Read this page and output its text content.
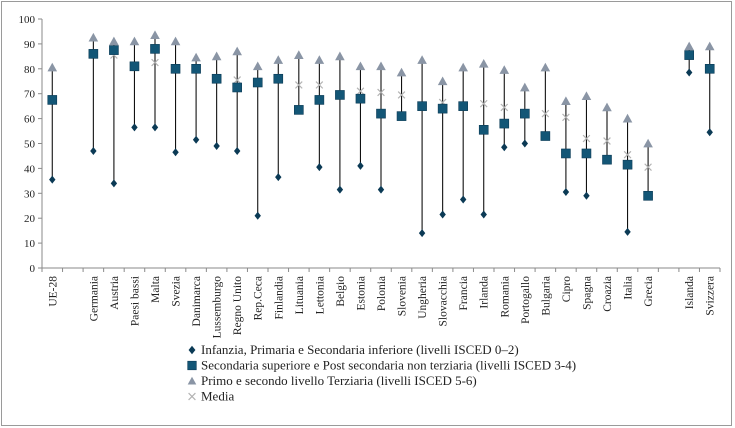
0
10
20
30
40
50
60
70
80
90
100
UE-28	Germania Austria Paesi bassi Malta Svezia Danimarca Lussemburgo Regno Unito Rep.Ceca Finlandia Lituania Lettonia Belgio Estonia Polonia Slovenia Ungheria Slovacchia Francia Irlanda Romania Portogallo Bulgaria Cipro Spagna Croazia Italia Grecia	Islanda Svizzera
Infanzia, Primaria e Secondaria inferiore (livelli ISCED 0–2)
Secondaria superiore e Post secondaria non terziaria (livelli ISCED 3-4)
Primo e secondo livello Terziaria (livelli ISCED 5-6)
Media
